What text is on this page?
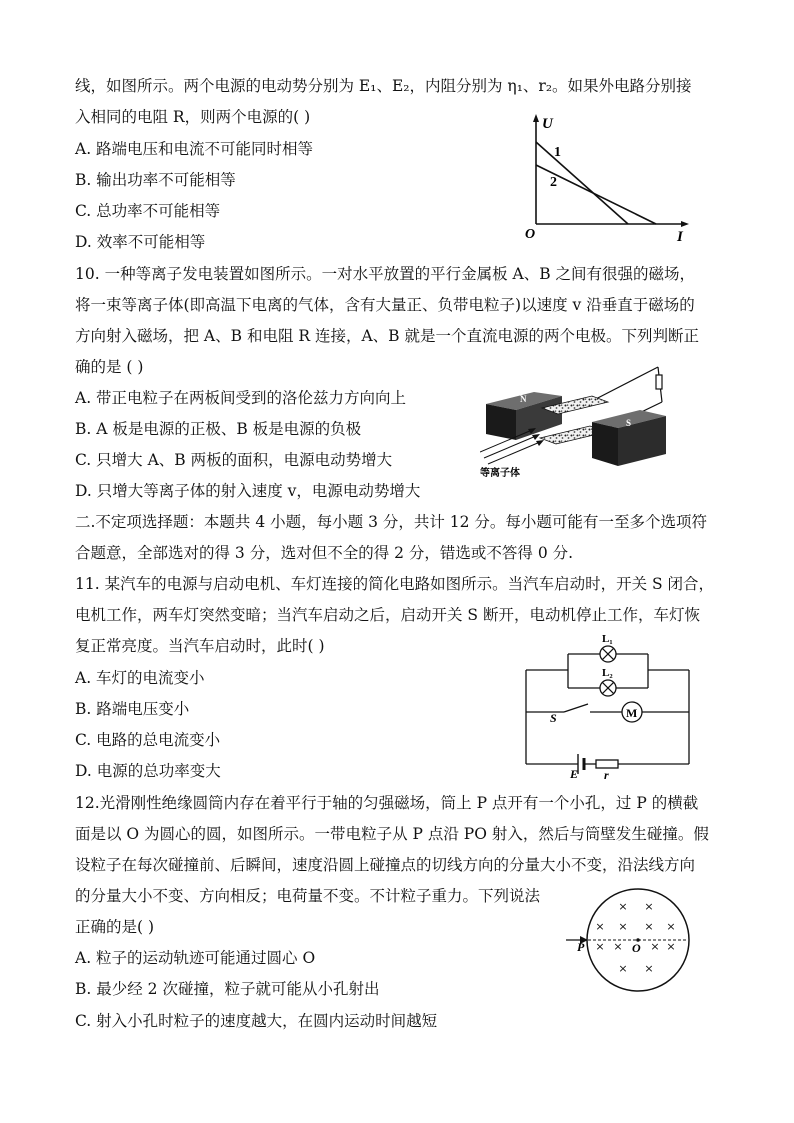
线，如图所示。两个电源的电动势分别为 E₁、E₂，内阻分别为 η₁、r₂。如果外电路分别接
入相同的电阻 R，则两个电源的( )
A. 路端电压和电流不可能同时相等
B. 输出功率不可能相等
C. 总功率不可能相等
D. 效率不可能相等
U
1
2
O	I
10. 一种等离子发电装置如图所示。一对水平放置的平行金属板 A、B 之间有很强的磁场，
将一束等离子体(即高温下电离的气体，含有大量正、负带电粒子)以速度 v 沿垂直于磁场的
方向射入磁场，把 A、B 和电阻 R 连接，A、B 就是一个直流电源的两个电极。下列判断正
确的是 ( )
A. 带正电粒子在两板间受到的洛伦兹力方向向上
B. A 板是电源的正极、B 板是电源的负极
C. 只增大 A、B 两板的面积，电源电动势增大
D. 只增大等离子体的射入速度 v，电源电动势增大
N
S
等离子体
二.不定项选择题：本题共 4 小题，每小题 3 分，共计 12 分。每小题可能有一至多个选项符
合题意，全部选对的得 3 分，选对但不全的得 2 分，错选或不答得 0 分.
11. 某汽车的电源与启动电机、车灯连接的简化电路如图所示。当汽车启动时，开关 S 闭合，
电机工作，两车灯突然变暗；当汽车启动之后，启动开关 S 断开，电动机停止工作，车灯恢
复正常亮度。当汽车启动时，此时( )
A. 车灯的电流变小
B. 路端电压变小
C. 电路的总电流变小
D. 电源的总功率变大
L₁
L₂
S	M
E r
12.光滑刚性绝缘圆筒内存在着平行于轴的匀强磁场，筒上 P 点开有一个小孔，过 P 的横截
面是以 O 为圆心的圆，如图所示。一带电粒子从 P 点沿 PO 射入，然后与筒壁发生碰撞。假
设粒子在每次碰撞前、后瞬间，速度沿圆上碰撞点的切线方向的分量大小不变，沿法线方向
的分量大小不变、方向相反；电荷量不变。不计粒子重力。下列说法
正确的是( )
A. 粒子的运动轨迹可能通过圆心 O
B. 最少经 2 次碰撞，粒子就可能从小孔射出
C. 射入小孔时粒子的速度越大，在圆内运动时间越短
P	O
× ×
× × × ×
× ×	× ×
× ×
